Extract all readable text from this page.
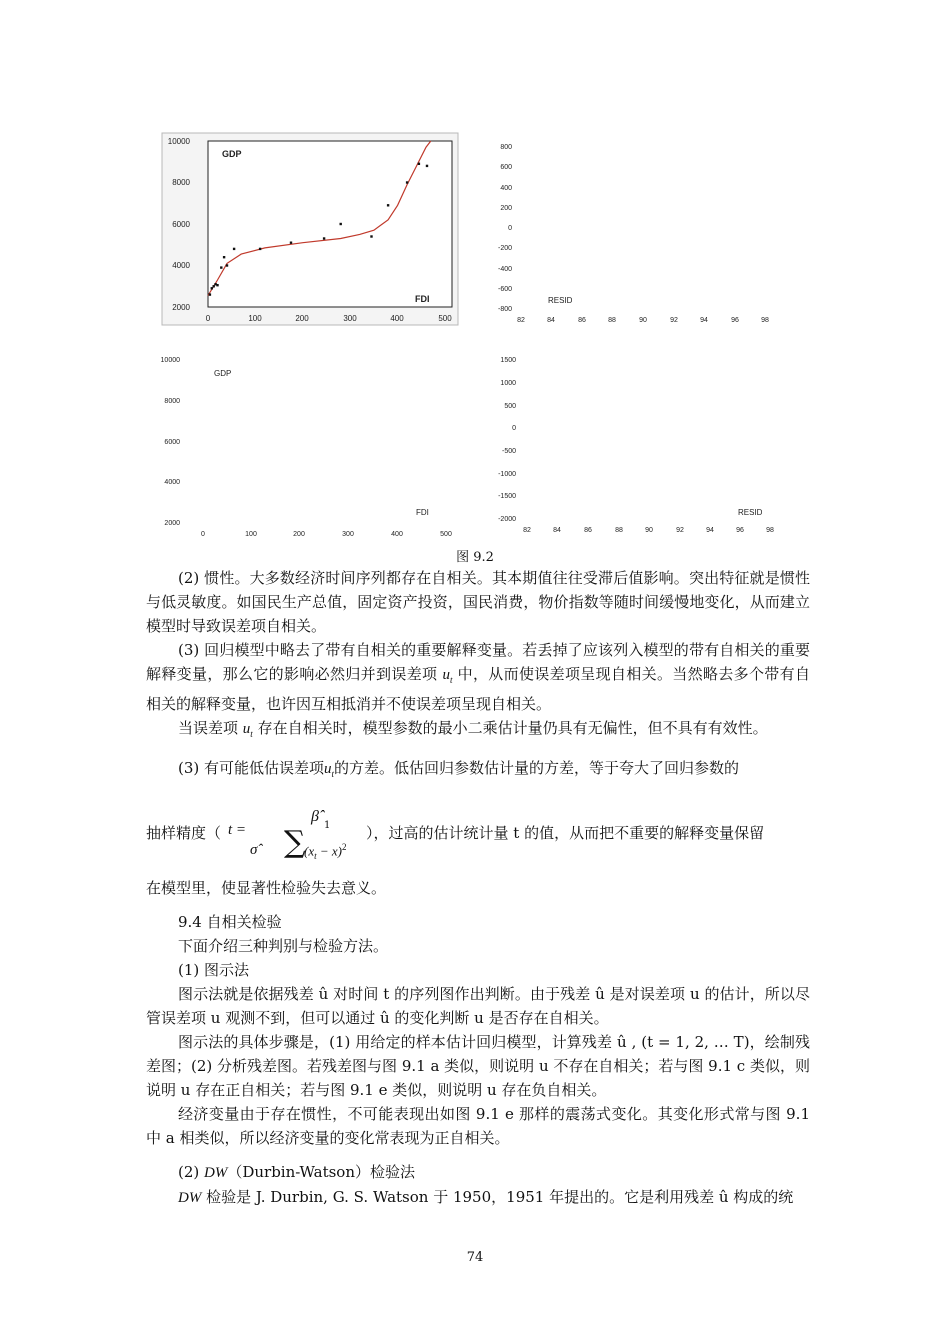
10000
8000
6000
4000
2000
0	100	200	300	400	500
GDP
FDI
800
600
400
200
0
-200
-400
-600
-800
82	84	86	88	90	92	94	96	98
RESID
10000
8000
6000
4000
2000
0	100	200	300	400	500
GDP
FDI
1500
1000
500
0
-500
-1000
-1500
-2000
82	84	86	88	90	92	94	96	98
RESID
图 9.2

(2) 惯性。大多数经济时间序列都存在自相关。其本期值往往受滞后值影响。突出特征就是惯性与低灵敏度。如国民生产总值，固定资产投资，国民消费，物价指数等随时间缓慢地变化，从而建立模型时导致误差项自相关。

(3) 回归模型中略去了带有自相关的重要解释变量。若丢掉了应该列入模型的带有自相关的重要解释变量，那么它的影响必然归并到误差项 $u_t$ 中，从而使误差项呈现自相关。当然略去多个带有自相关的解释变量，也许因互相抵消并不使误差项呈现自相关。

当误差项 $u_t$ 存在自相关时，模型参数的最小二乘估计量仍具有无偏性，但不具有有效性。

(3) 有可能低估误差项$u_t$的方差。低估回归参数估计量的方差，等于夸大了回归参数的

抽样精度（ t =
β̂
1
σ̂ ∑
$(x_t - x)^2$
），过高的估计统计量 t 的值，从而把不重要的解释变量保留

在模型里，使显著性检验失去意义。

9.4 自相关检验

下面介绍三种判别与检验方法。

(1) 图示法

图示法就是依据残差 û 对时间 t 的序列图作出判断。由于残差 û 是对误差项 u 的估计，所以尽管误差项 u 观测不到，但可以通过 û 的变化判断 u 是否存在自相关。

图示法的具体步骤是，(1) 用给定的样本估计回归模型，计算残差 û , (t = 1, 2, … T)，绘制残差图；(2) 分析残差图。若残差图与图 9.1 a 类似，则说明 u 不存在自相关；若与图 9.1 c 类似，则说明 u 存在正自相关；若与图 9.1 e 类似，则说明 u 存在负自相关。

经济变量由于存在惯性，不可能表现出如图 9.1 e 那样的震荡式变化。其变化形式常与图 9.1 中 a 相类似，所以经济变量的变化常表现为正自相关。

(2) DW（Durbin-Watson）检验法

DW 检验是 J. Durbin, G. S. Watson 于 1950，1951 年提出的。它是利用残差 û 构成的统

74
